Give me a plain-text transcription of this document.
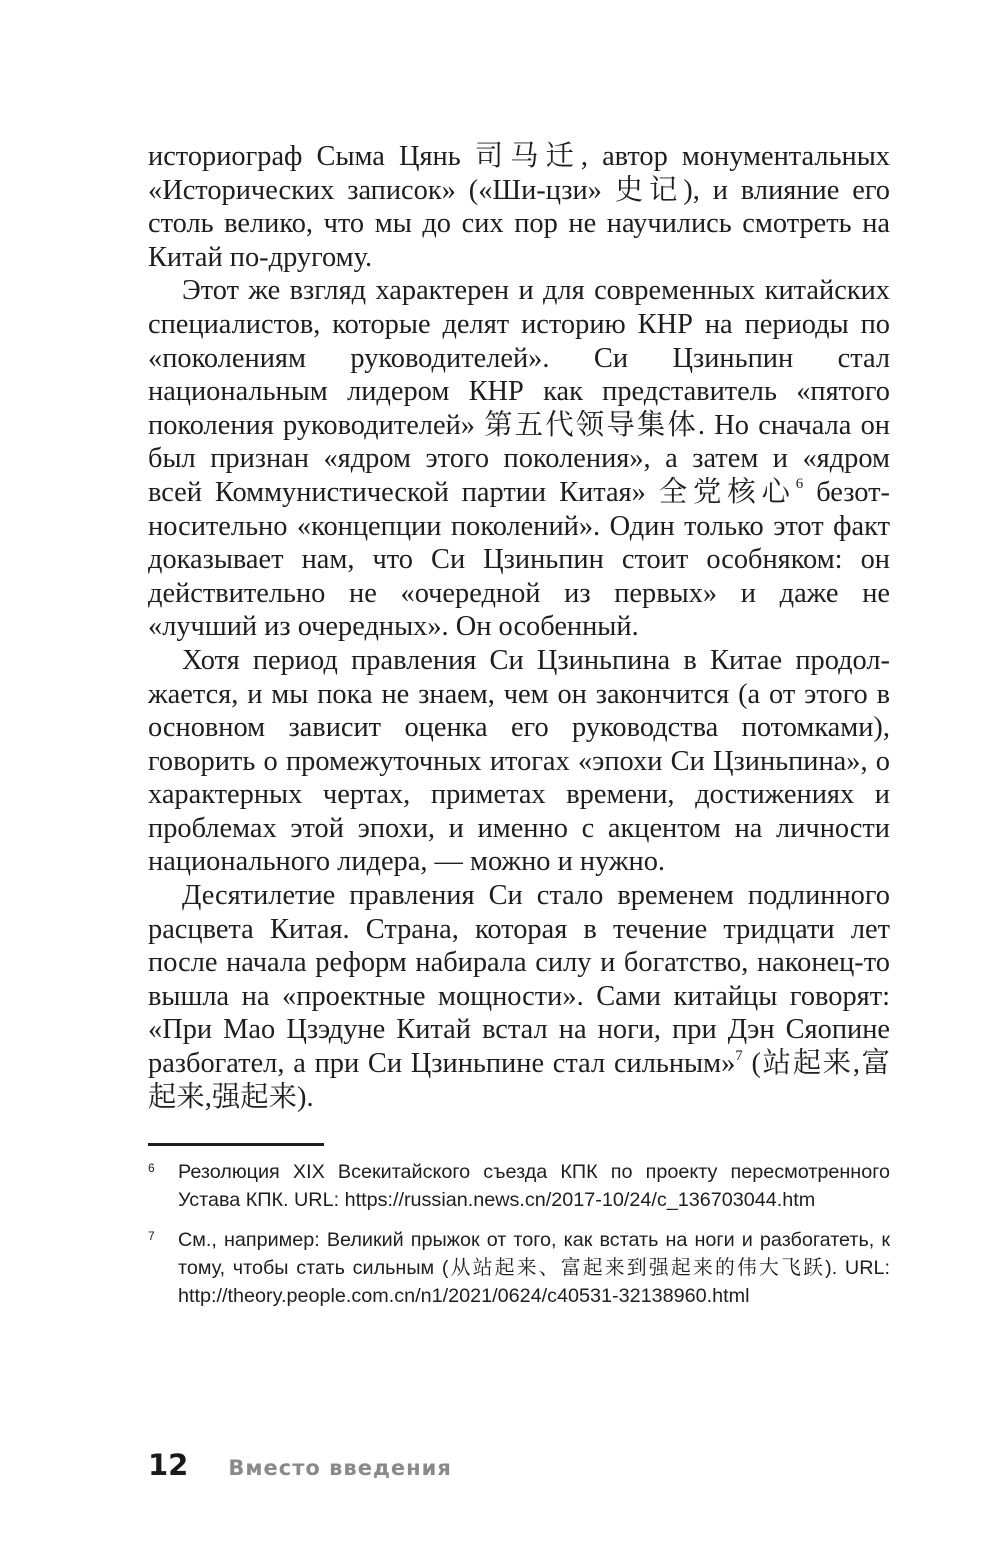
историограф Сыма Цянь 司马迁, автор монументальных «Исторических записок» («Ши-цзи» 史记), и влияние его столь велико, что мы до сих пор не научились смотреть на Китай по-другому.

Этот же взгляд характерен и для современных китайских специалистов, которые делят историю КНР на периоды по «поколениям руководителей». Си Цзиньпин стал национальным лидером КНР как представитель «пятого поколения руководителей» 第五代领导集体. Но сначала он был признан «ядром этого поколения», а затем и «ядром всей Коммунистической партии Китая» 全党核心$^6$ безотносительно «концепции поколений». Один только этот факт доказывает нам, что Си Цзиньпин стоит особняком: он действительно не «очередной из первых» и даже не «лучший из очередных». Он особенный.

Хотя период правления Си Цзиньпина в Китае продолжается, и мы пока не знаем, чем он закончится (а от этого в основном зависит оценка его руководства потомками), говорить о промежуточных итогах «эпохи Си Цзиньпина», о характерных чертах, приметах времени, достижениях и проблемах этой эпохи, и именно с акцентом на личности национального лидера, — можно и нужно.

Десятилетие правления Си стало временем подлинного расцвета Китая. Страна, которая в течение тридцати лет после начала реформ набирала силу и богатство, наконец-то вышла на «проектные мощности». Сами китайцы говорят: «При Мао Цзэдуне Китай встал на ноги, при Дэн Сяопине разбогател, а при Си Цзиньпине стал сильным»$^7$ (站起来,富起来,强起来).

6 Резолюция XIX Всекитайского съезда КПК по проекту пересмотренного Устава КПК. URL: https://russian.news.cn/2017-10/24/c_136703044.htm

7 См., например: Великий прыжок от того, как встать на ноги и разбогатеть, к тому, чтобы стать сильным (从站起来、富起来到强起来的伟大飞跃). URL: http://theory.people.com.cn/n1/2021/0624/c40531-32138960.html

12 Вместо введения
